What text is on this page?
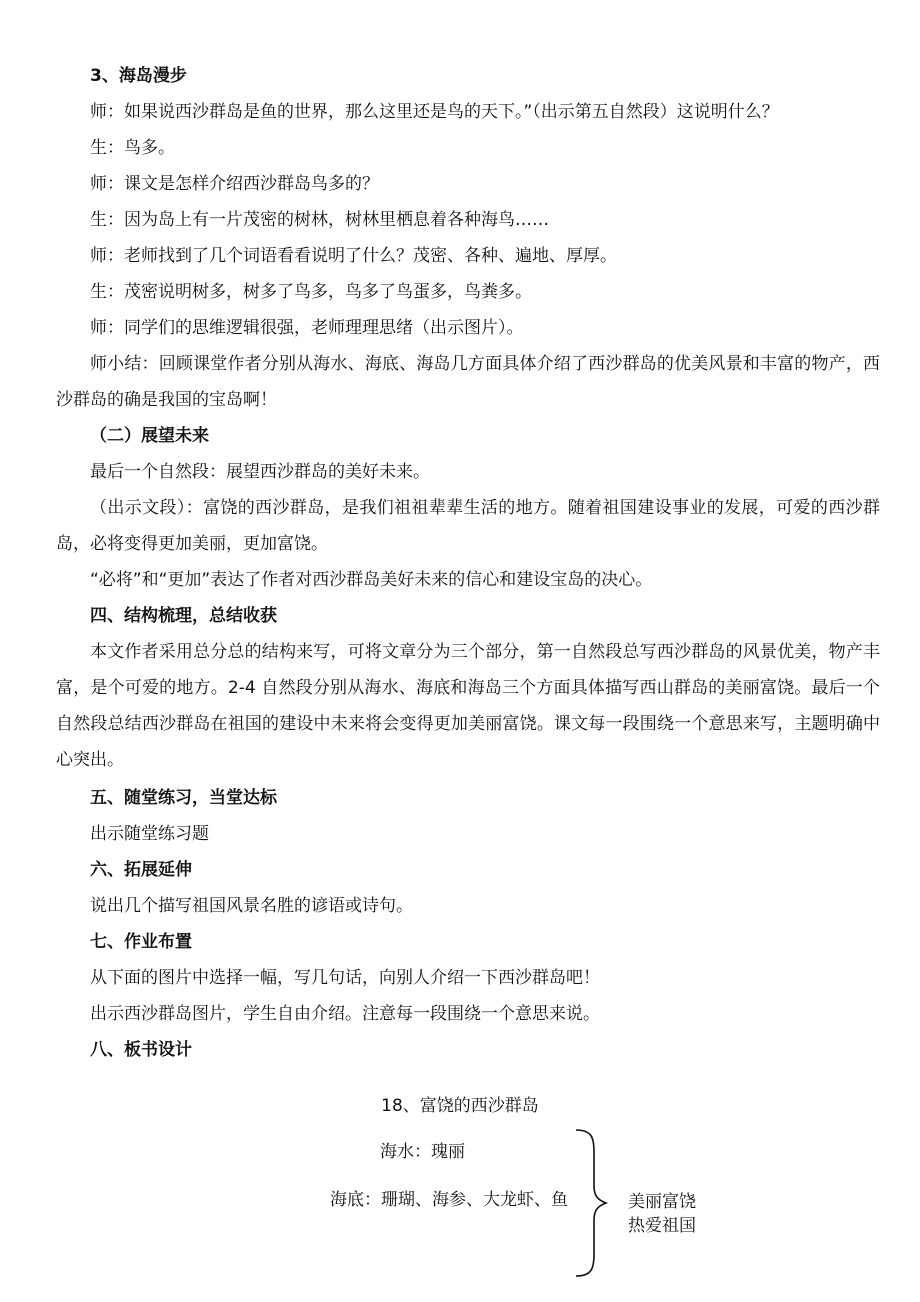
3、海岛漫步
师：如果说西沙群岛是鱼的世界，那么这里还是鸟的天下。”（出示第五自然段）这说明什么？
生：鸟多。
师：课文是怎样介绍西沙群岛鸟多的？
生：因为岛上有一片茂密的树林，树林里栖息着各种海鸟……
师：老师找到了几个词语看看说明了什么？茂密、各种、遍地、厚厚。
生：茂密说明树多，树多了鸟多，鸟多了鸟蛋多，鸟粪多。
师：同学们的思维逻辑很强，老师理理思绪（出示图片）。
师小结：回顾课堂作者分别从海水、海底、海岛几方面具体介绍了西沙群岛的优美风景和丰富的物产，西沙群岛的确是我国的宝岛啊！
（二）展望未来
最后一个自然段：展望西沙群岛的美好未来。
（出示文段）：富饶的西沙群岛，是我们祖祖辈辈生活的地方。随着祖国建设事业的发展，可爱的西沙群岛，必将变得更加美丽，更加富饶。
“必将”和“更加”表达了作者对西沙群岛美好未来的信心和建设宝岛的决心。
四、结构梳理，总结收获
本文作者采用总分总的结构来写，可将文章分为三个部分，第一自然段总写西沙群岛的风景优美，物产丰富，是个可爱的地方。2-4 自然段分别从海水、海底和海岛三个方面具体描写西山群岛的美丽富饶。最后一个自然段总结西沙群岛在祖国的建设中未来将会变得更加美丽富饶。课文每一段围绕一个意思来写，主题明确中心突出。
五、随堂练习，当堂达标
出示随堂练习题
六、拓展延伸
说出几个描写祖国风景名胜的谚语或诗句。
七、作业布置
从下面的图片中选择一幅，写几句话，向别人介绍一下西沙群岛吧！
出示西沙群岛图片，学生自由介绍。注意每一段围绕一个意思来说。
八、板书设计
18、富饶的西沙群岛
海水：瑰丽
海底：珊瑚、海参、大龙虾、鱼	美丽富饶
热爱祖国
